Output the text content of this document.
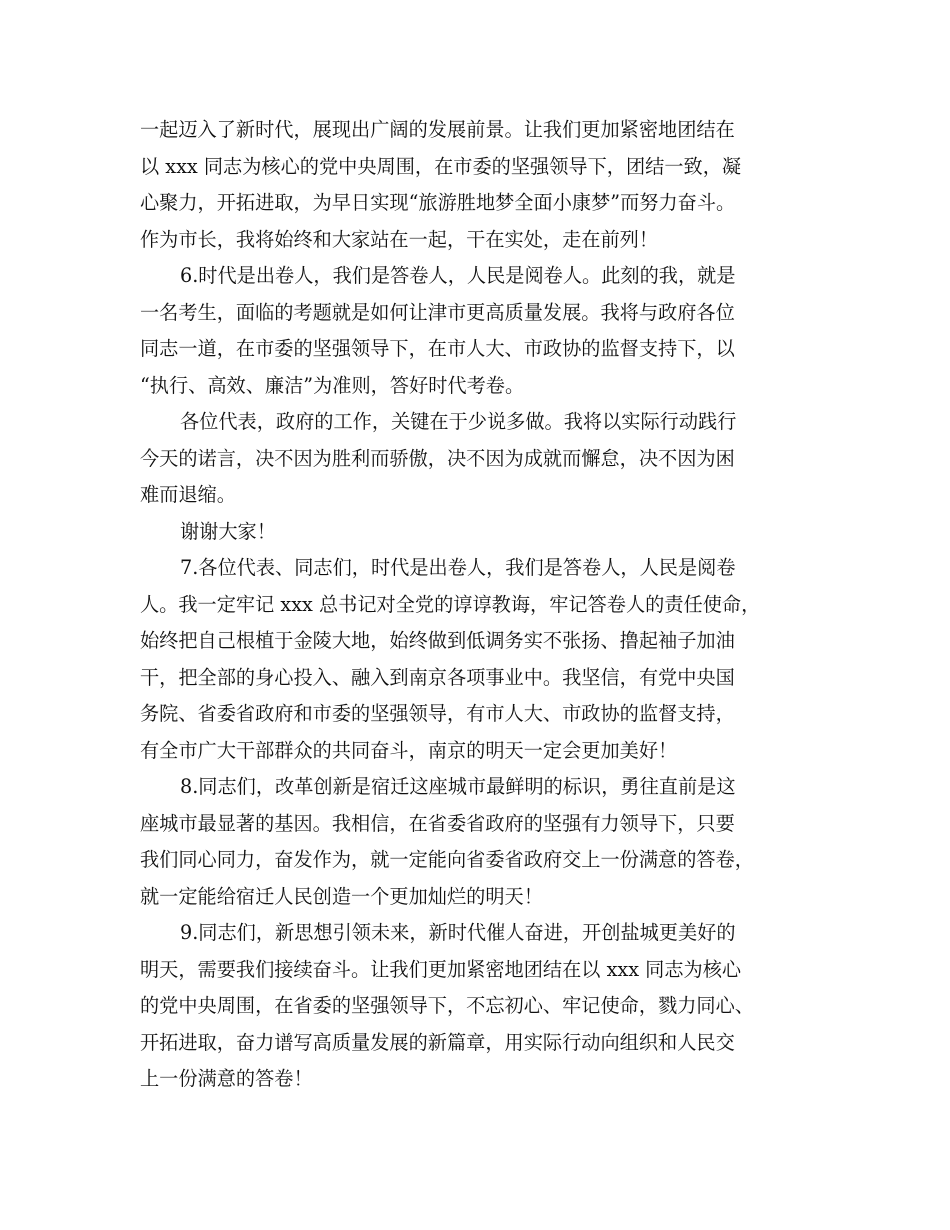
一起迈入了新时代，展现出广阔的发展前景。让我们更加紧密地团结在
以 xxx 同志为核心的党中央周围，在市委的坚强领导下，团结一致，凝
心聚力，开拓进取，为早日实现“旅游胜地梦全面小康梦”而努力奋斗。
作为市长，我将始终和大家站在一起，干在实处，走在前列！
6.时代是出卷人，我们是答卷人，人民是阅卷人。此刻的我，就是
一名考生，面临的考题就是如何让津市更高质量发展。我将与政府各位
同志一道，在市委的坚强领导下，在市人大、市政协的监督支持下，以
“执行、高效、廉洁”为准则，答好时代考卷。
各位代表，政府的工作，关键在于少说多做。我将以实际行动践行
今天的诺言，决不因为胜利而骄傲，决不因为成就而懈怠，决不因为困
难而退缩。
谢谢大家！
7.各位代表、同志们，时代是出卷人，我们是答卷人，人民是阅卷
人。我一定牢记 xxx 总书记对全党的谆谆教诲，牢记答卷人的责任使命，
始终把自己根植于金陵大地，始终做到低调务实不张扬、撸起袖子加油
干，把全部的身心投入、融入到南京各项事业中。我坚信，有党中央国
务院、省委省政府和市委的坚强领导，有市人大、市政协的监督支持，
有全市广大干部群众的共同奋斗，南京的明天一定会更加美好！
8.同志们，改革创新是宿迁这座城市最鲜明的标识，勇往直前是这
座城市最显著的基因。我相信，在省委省政府的坚强有力领导下，只要
我们同心同力，奋发作为，就一定能向省委省政府交上一份满意的答卷，
就一定能给宿迁人民创造一个更加灿烂的明天！
9.同志们，新思想引领未来，新时代催人奋进，开创盐城更美好的
明天，需要我们接续奋斗。让我们更加紧密地团结在以 xxx 同志为核心
的党中央周围，在省委的坚强领导下，不忘初心、牢记使命，戮力同心、
开拓进取，奋力谱写高质量发展的新篇章，用实际行动向组织和人民交
上一份满意的答卷！
